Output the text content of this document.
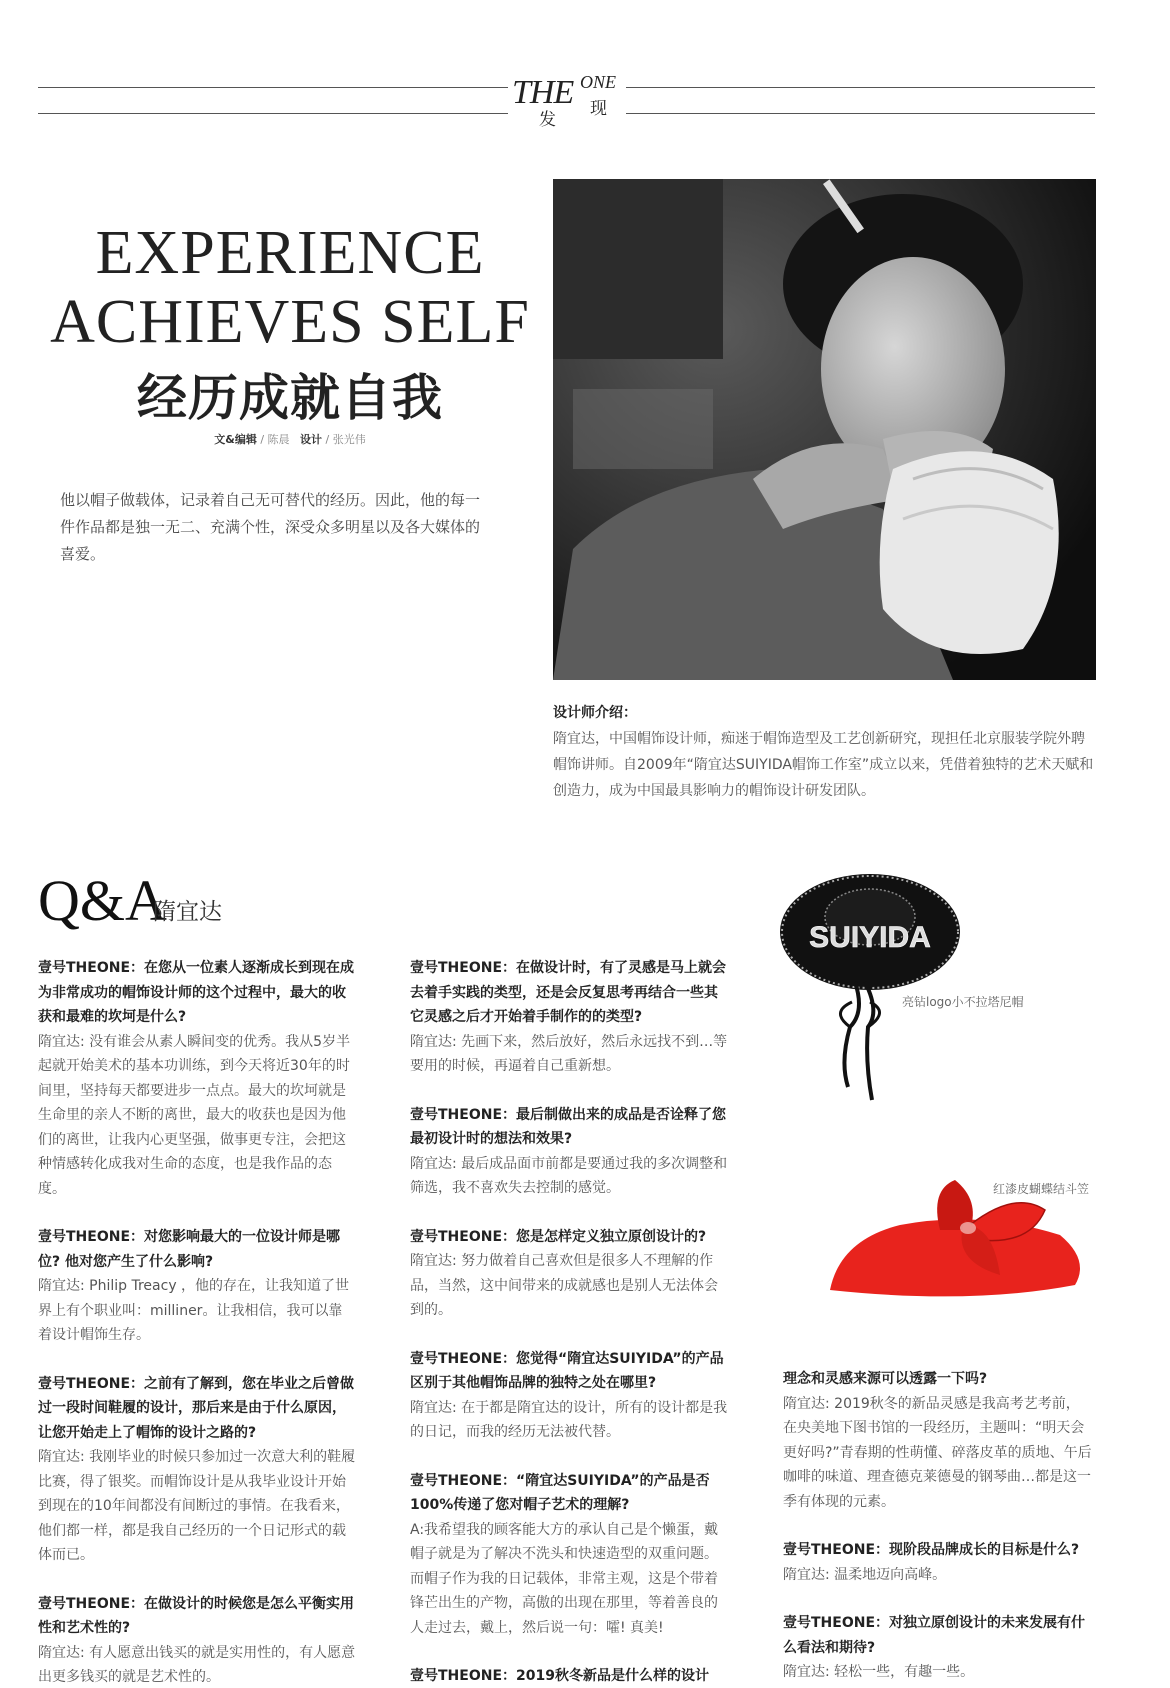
THE ONE
发
现
EXPERIENCE
ACHIEVES SELF
经历成就自我
文&编辑 / 陈晨 设计 / 张光伟

他以帽子做载体，记录着自己无可替代的经历。因此，他的每一件作品都是独一无二、充满个性，深受众多明星以及各大媒体的喜爱。

设计师介绍：
隋宜达，中国帽饰设计师，痴迷于帽饰造型及工艺创新研究，现担任北京服装学院外聘帽饰讲师。自2009年“隋宜达SUIYIDA帽饰工作室”成立以来，凭借着独特的艺术天赋和创造力，成为中国最具影响力的帽饰设计研发团队。
Q&A
隋宜达
壹号THEONE：在您从一位素人逐渐成长到现在成为非常成功的帽饰设计师的这个过程中，最大的收获和最难的坎坷是什么?
隋宜达: 没有谁会从素人瞬间变的优秀。我从5岁半起就开始美术的基本功训练，到今天将近30年的时间里，坚持每天都要进步一点点。最大的坎坷就是生命里的亲人不断的离世，最大的收获也是因为他们的离世，让我内心更坚强，做事更专注，会把这种情感转化成我对生命的态度，也是我作品的态度。
壹号THEONE：对您影响最大的一位设计师是哪位? 他对您产生了什么影响?
隋宜达: Philip Treacy ，他的存在，让我知道了世界上有个职业叫：milliner。让我相信，我可以靠着设计帽饰生存。
壹号THEONE：之前有了解到，您在毕业之后曾做过一段时间鞋履的设计，那后来是由于什么原因，让您开始走上了帽饰的设计之路的?
隋宜达: 我刚毕业的时候只参加过一次意大利的鞋履比赛，得了银奖。而帽饰设计是从我毕业设计开始到现在的10年间都没有间断过的事情。在我看来，他们都一样，都是我自己经历的一个日记形式的载体而已。
壹号THEONE：在做设计的时候您是怎么平衡实用性和艺术性的?
隋宜达: 有人愿意出钱买的就是实用性的，有人愿意出更多钱买的就是艺术性的。
壹号THEONE：在做设计时，有了灵感是马上就会去着手实践的类型，还是会反复思考再结合一些其它灵感之后才开始着手制作的的类型?
隋宜达: 先画下来，然后放好，然后永远找不到…等要用的时候，再逼着自己重新想。
壹号THEONE：最后制做出来的成品是否诠释了您最初设计时的想法和效果?
隋宜达: 最后成品面市前都是要通过我的多次调整和筛选，我不喜欢失去控制的感觉。
壹号THEONE：您是怎样定义独立原创设计的?
隋宜达: 努力做着自己喜欢但是很多人不理解的作品，当然，这中间带来的成就感也是别人无法体会到的。
壹号THEONE：您觉得“隋宜达SUIYIDA”的产品区别于其他帽饰品牌的独特之处在哪里?
隋宜达: 在于都是隋宜达的设计，所有的设计都是我的日记，而我的经历无法被代替。
壹号THEONE：“隋宜达SUIYIDA”的产品是否100%传递了您对帽子艺术的理解?
A:我希望我的顾客能大方的承认自己是个懒蛋，戴帽子就是为了解决不洗头和快速造型的双重问题。而帽子作为我的日记载体，非常主观，这是个带着锋芒出生的产物，高傲的出现在那里，等着善良的人走过去，戴上，然后说一句：嚯! 真美!
壹号THEONE：2019秋冬新品是什么样的设计
理念和灵感来源可以透露一下吗?
隋宜达: 2019秋冬的新品灵感是我高考艺考前，在央美地下图书馆的一段经历，主题叫：“明天会更好吗?”青春期的性萌懂、碎落皮革的质地、午后咖啡的味道、理查德克莱德曼的钢琴曲…都是这一季有体现的元素。
壹号THEONE：现阶段品牌成长的目标是什么?
隋宜达: 温柔地迈向高峰。
壹号THEONE：对独立原创设计的未来发展有什么看法和期待?
隋宜达: 轻松一些，有趣一些。
SUIYIDA
亮钻logo小不拉塔尼帽
红漆皮蝴蝶结斗笠
